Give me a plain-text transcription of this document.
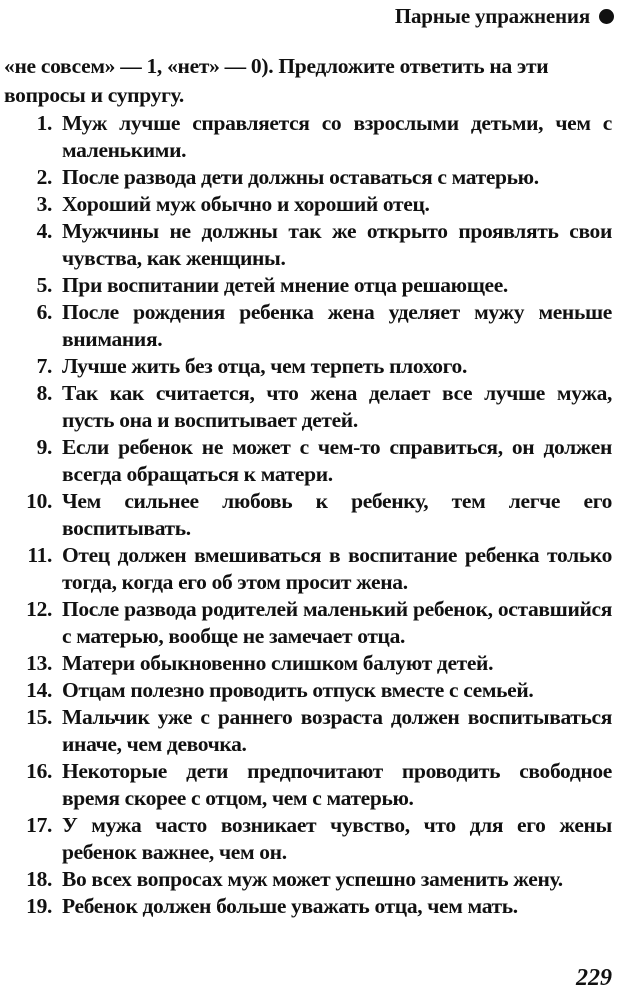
Парные упражнения
«не совсем» — 1, «нет» — 0). Предложите ответить на эти вопросы и супругу.
1. Муж лучше справляется со взрослыми детьми, чем с маленькими.
2. После развода дети должны оставаться с матерью.
3. Хороший муж обычно и хороший отец.
4. Мужчины не должны так же открыто проявлять свои чувства, как женщины.
5. При воспитании детей мнение отца решающее.
6. После рождения ребенка жена уделяет мужу меньше внимания.
7. Лучше жить без отца, чем терпеть плохого.
8. Так как считается, что жена делает все лучше мужа, пусть она и воспитывает детей.
9. Если ребенок не может с чем-то справиться, он должен всегда обращаться к матери.
10. Чем сильнее любовь к ребенку, тем легче его воспитывать.
11. Отец должен вмешиваться в воспитание ребенка только тогда, когда его об этом просит жена.
12. После развода родителей маленький ребенок, оставшийся с матерью, вообще не замечает отца.
13. Матери обыкновенно слишком балуют детей.
14. Отцам полезно проводить отпуск вместе с семьей.
15. Мальчик уже с раннего возраста должен воспитываться иначе, чем девочка.
16. Некоторые дети предпочитают проводить свободное время скорее с отцом, чем с матерью.
17. У мужа часто возникает чувство, что для его жены ребенок важнее, чем он.
18. Во всех вопросах муж может успешно заменить жену.
19. Ребенок должен больше уважать отца, чем мать.
229
